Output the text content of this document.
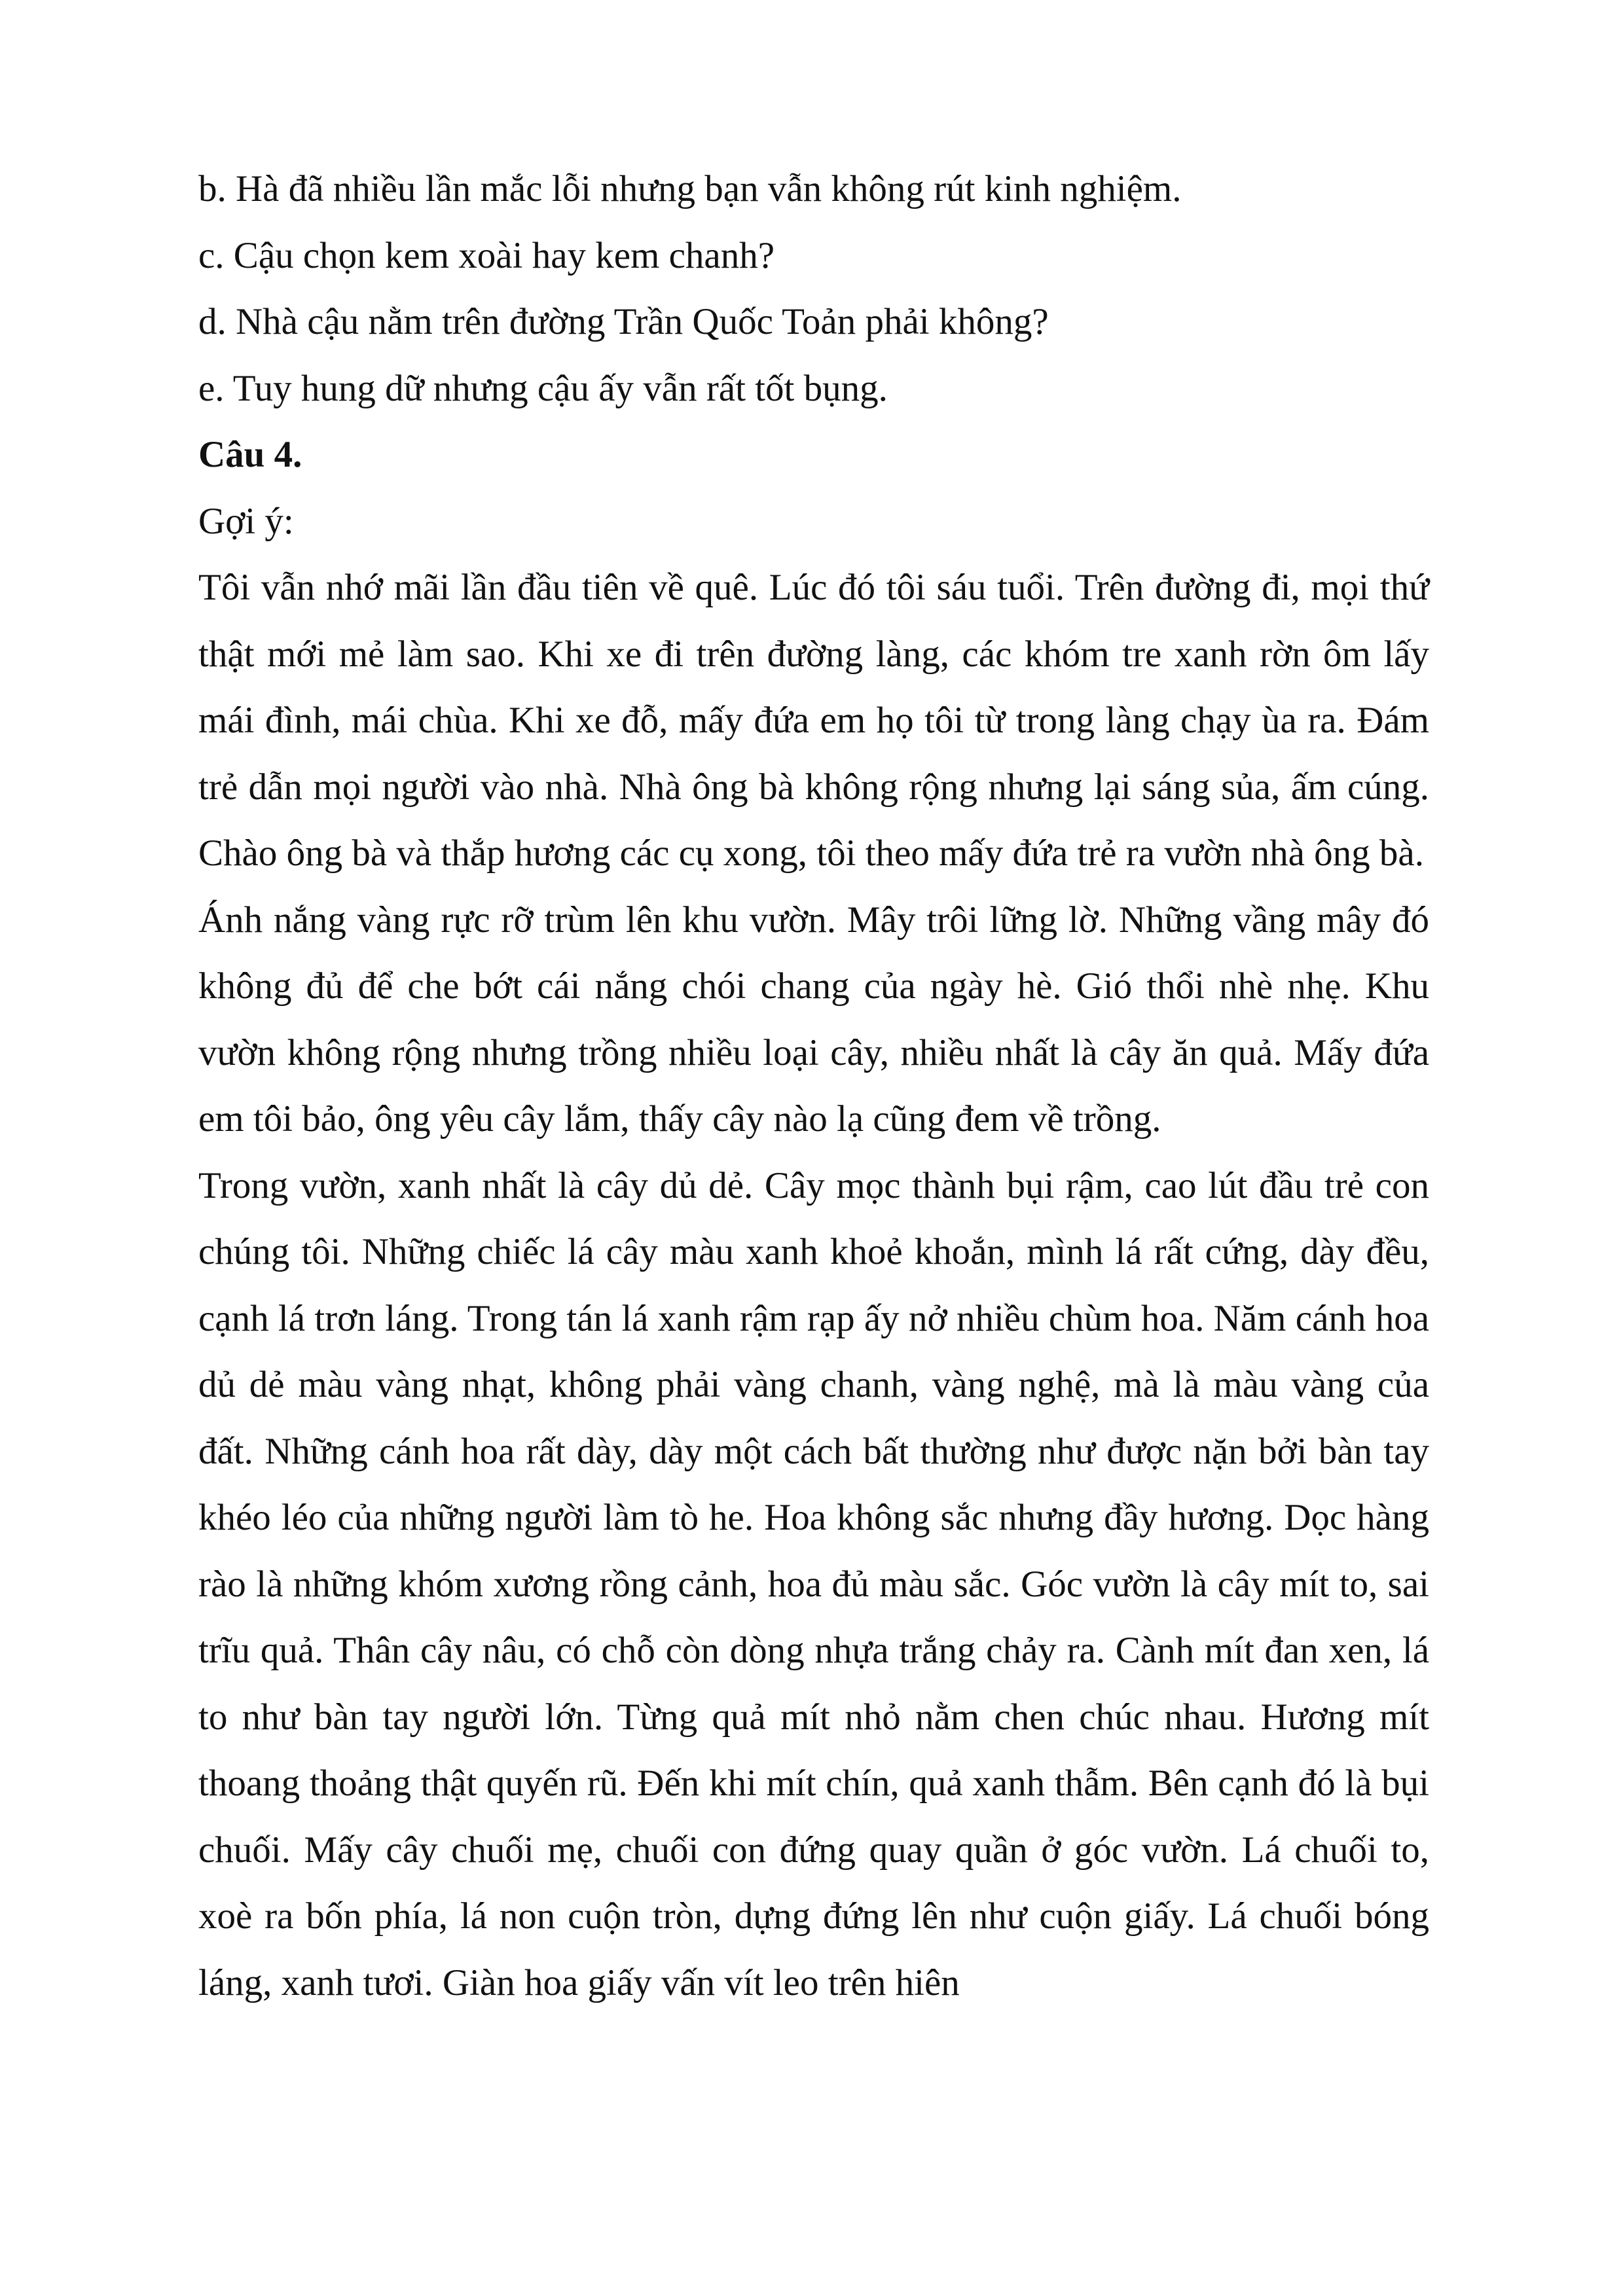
b. Hà đã nhiều lần mắc lỗi nhưng bạn vẫn không rút kinh nghiệm.

c. Cậu chọn kem xoài hay kem chanh?

d. Nhà cậu nằm trên đường Trần Quốc Toản phải không?

e. Tuy hung dữ nhưng cậu ấy vẫn rất tốt bụng.

Câu 4.

Gợi ý:

Tôi vẫn nhớ mãi lần đầu tiên về quê. Lúc đó tôi sáu tuổi. Trên đường đi, mọi thứ thật mới mẻ làm sao. Khi xe đi trên đường làng, các khóm tre xanh rờn ôm lấy mái đình, mái chùa. Khi xe đỗ, mấy đứa em họ tôi từ trong làng chạy ùa ra. Đám trẻ dẫn mọi người vào nhà. Nhà ông bà không rộng nhưng lại sáng sủa, ấm cúng. Chào ông bà và thắp hương các cụ xong, tôi theo mấy đứa trẻ ra vườn nhà ông bà.

Ánh nắng vàng rực rỡ trùm lên khu vườn. Mây trôi lững lờ. Những vầng mây đó không đủ để che bớt cái nắng chói chang của ngày hè. Gió thổi nhè nhẹ. Khu vườn không rộng nhưng trồng nhiều loại cây, nhiều nhất là cây ăn quả. Mấy đứa em tôi bảo, ông yêu cây lắm, thấy cây nào lạ cũng đem về trồng.

Trong vườn, xanh nhất là cây dủ dẻ. Cây mọc thành bụi rậm, cao lút đầu trẻ con chúng tôi. Những chiếc lá cây màu xanh khoẻ khoắn, mình lá rất cứng, dày đều, cạnh lá trơn láng. Trong tán lá xanh rậm rạp ấy nở nhiều chùm hoa. Năm cánh hoa dủ dẻ màu vàng nhạt, không phải vàng chanh, vàng nghệ, mà là màu vàng của đất. Những cánh hoa rất dày, dày một cách bất thường như được nặn bởi bàn tay khéo léo của những người làm tò he. Hoa không sắc nhưng đầy hương. Dọc hàng rào là những khóm xương rồng cảnh, hoa đủ màu sắc. Góc vườn là cây mít to, sai trĩu quả. Thân cây nâu, có chỗ còn dòng nhựa trắng chảy ra. Cành mít đan xen, lá to như bàn tay người lớn. Từng quả mít nhỏ nằm chen chúc nhau. Hương mít thoang thoảng thật quyến rũ. Đến khi mít chín, quả xanh thẫm. Bên cạnh đó là bụi chuối. Mấy cây chuối mẹ, chuối con đứng quay quần ở góc vườn. Lá chuối to, xoè ra bốn phía, lá non cuộn tròn, dựng đứng lên như cuộn giấy. Lá chuối bóng láng, xanh tươi. Giàn hoa giấy vấn vít leo trên hiên
